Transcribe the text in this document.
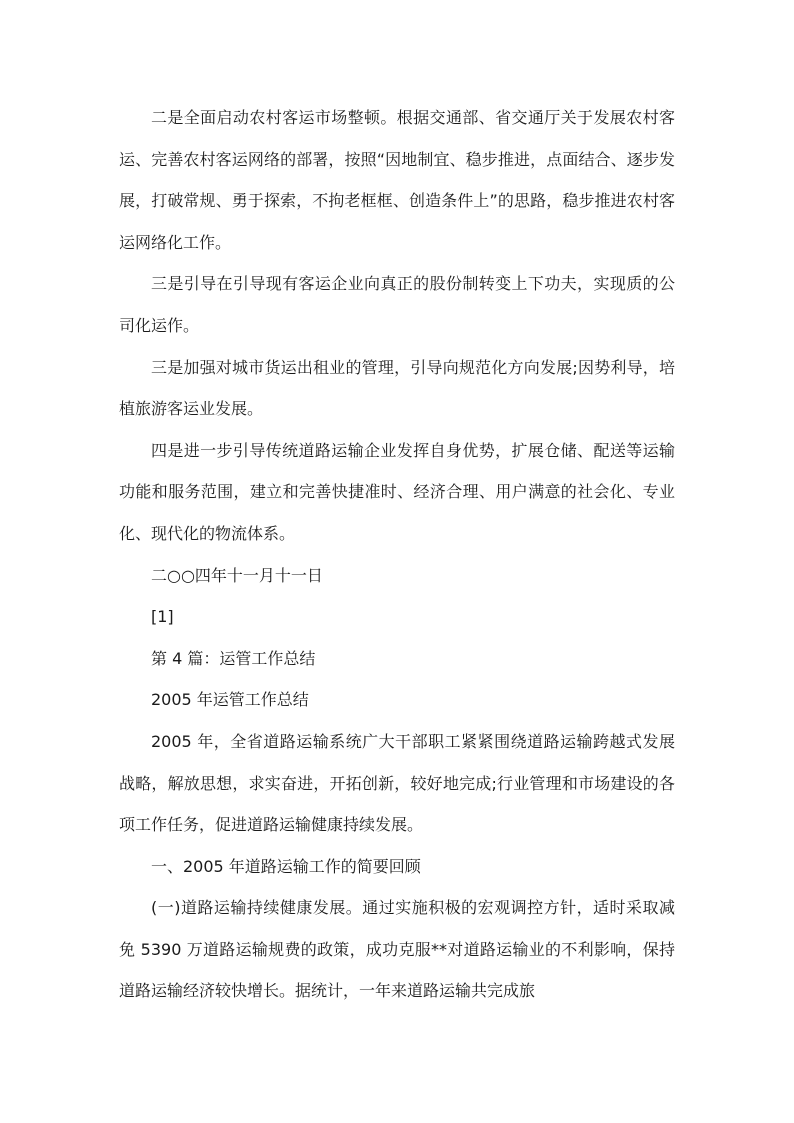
二是全面启动农村客运市场整顿。根据交通部、省交通厅关于发展农村客运、完善农村客运网络的部署，按照“因地制宜、稳步推进，点面结合、逐步发展，打破常规、勇于探索，不拘老框框、创造条件上”的思路，稳步推进农村客运网络化工作。

三是引导在引导现有客运企业向真正的股份制转变上下功夫，实现质的公司化运作。

三是加强对城市货运出租业的管理，引导向规范化方向发展;因势利导，培植旅游客运业发展。

四是进一步引导传统道路运输企业发挥自身优势，扩展仓储、配送等运输功能和服务范围，建立和完善快捷准时、经济合理、用户满意的社会化、专业化、现代化的物流体系。

二○○四年十一月十一日

[1]

第 4 篇：运管工作总结

2005 年运管工作总结

2005 年，全省道路运输系统广大干部职工紧紧围绕道路运输跨越式发展战略，解放思想，求实奋进，开拓创新，较好地完成;行业管理和市场建设的各项工作任务，促进道路运输健康持续发展。

一、2005 年道路运输工作的简要回顾

(一)道路运输持续健康发展。通过实施积极的宏观调控方针，适时采取减免 5390 万道路运输规费的政策，成功克服**对道路运输业的不利影响，保持道路运输经济较快增长。据统计，一年来道路运输共完成旅
